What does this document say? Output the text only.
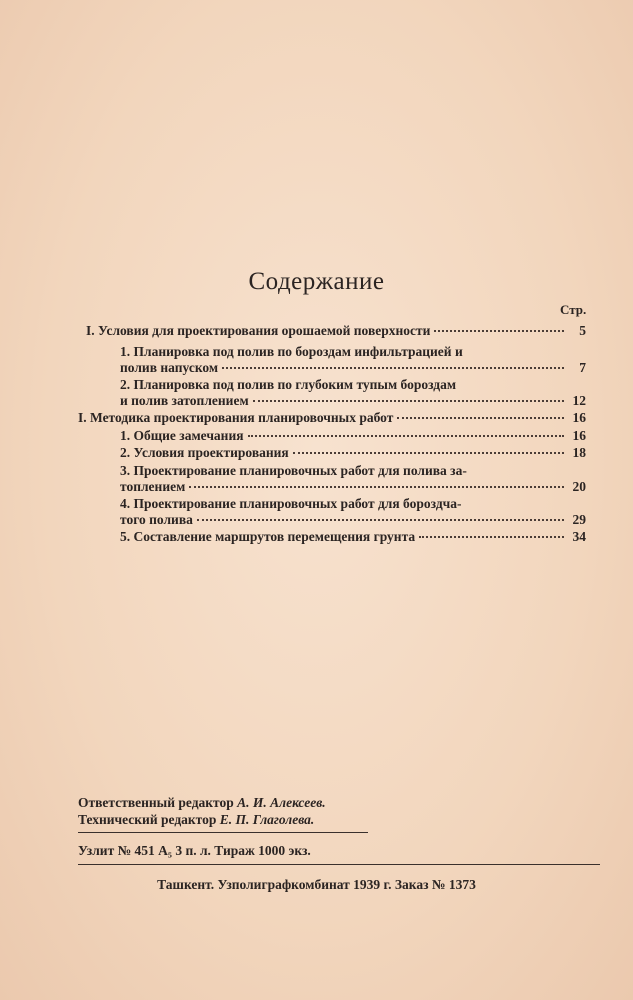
Содержание
Стр.
I. Условия для проектирования орошаемой поверхности	5
1. Планировка под полив по бороздам инфильтрацией и
полив напуском	7
2. Планировка под полив по глубоким тупым бороздам
и полив затоплением	12
I. Методика проектирования планировочных работ	16
1. Общие замечания	16
2. Условия проектирования	18
3. Проектирование планировочных работ для полива за-
топлением	20
4. Проектирование планировочных работ для бороздча-
того полива	29
5. Составление маршрутов перемещения грунта	34
Ответственный редактор А. И. Алексеев.
Технический редактор Е. П. Глаголева.
Узлит № 451 А₅ 3 п. л. Тираж 1000 экз.
Ташкент. Узполиграфкомбинат 1939 г. Заказ № 1373
